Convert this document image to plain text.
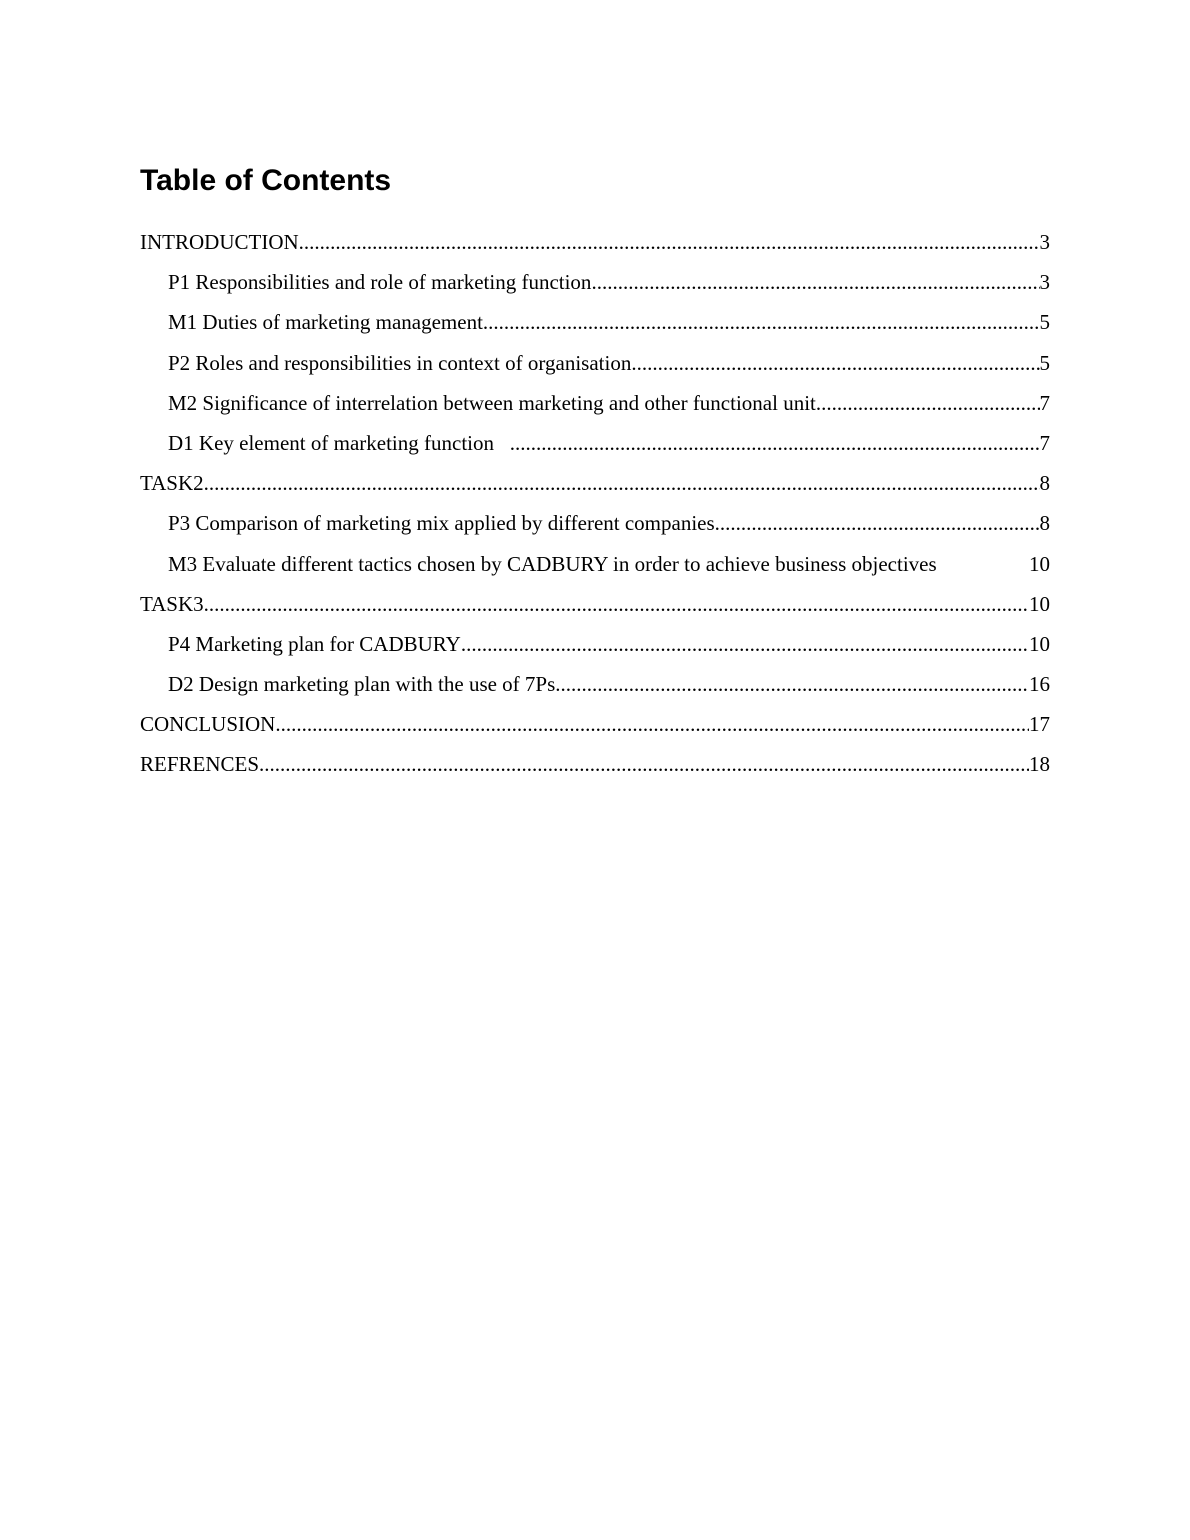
Table of Contents
INTRODUCTION .....	3
P1 Responsibilities and role of marketing function .....	3
M1 Duties of marketing management .....	5
P2 Roles and responsibilities in context of organisation .....	5
M2 Significance of interrelation between marketing and other functional unit .....	7
D1 Key element of marketing function .....	7
TASK2 .....	8
P3 Comparison of marketing mix applied by different companies .....	8
M3 Evaluate different tactics chosen by CADBURY in order to achieve business objectives	10
TASK3 .....	10
P4 Marketing plan for CADBURY .....	10
D2 Design marketing plan with the use of 7Ps .....	16
CONCLUSION .....	17
REFRENCES .....	18
